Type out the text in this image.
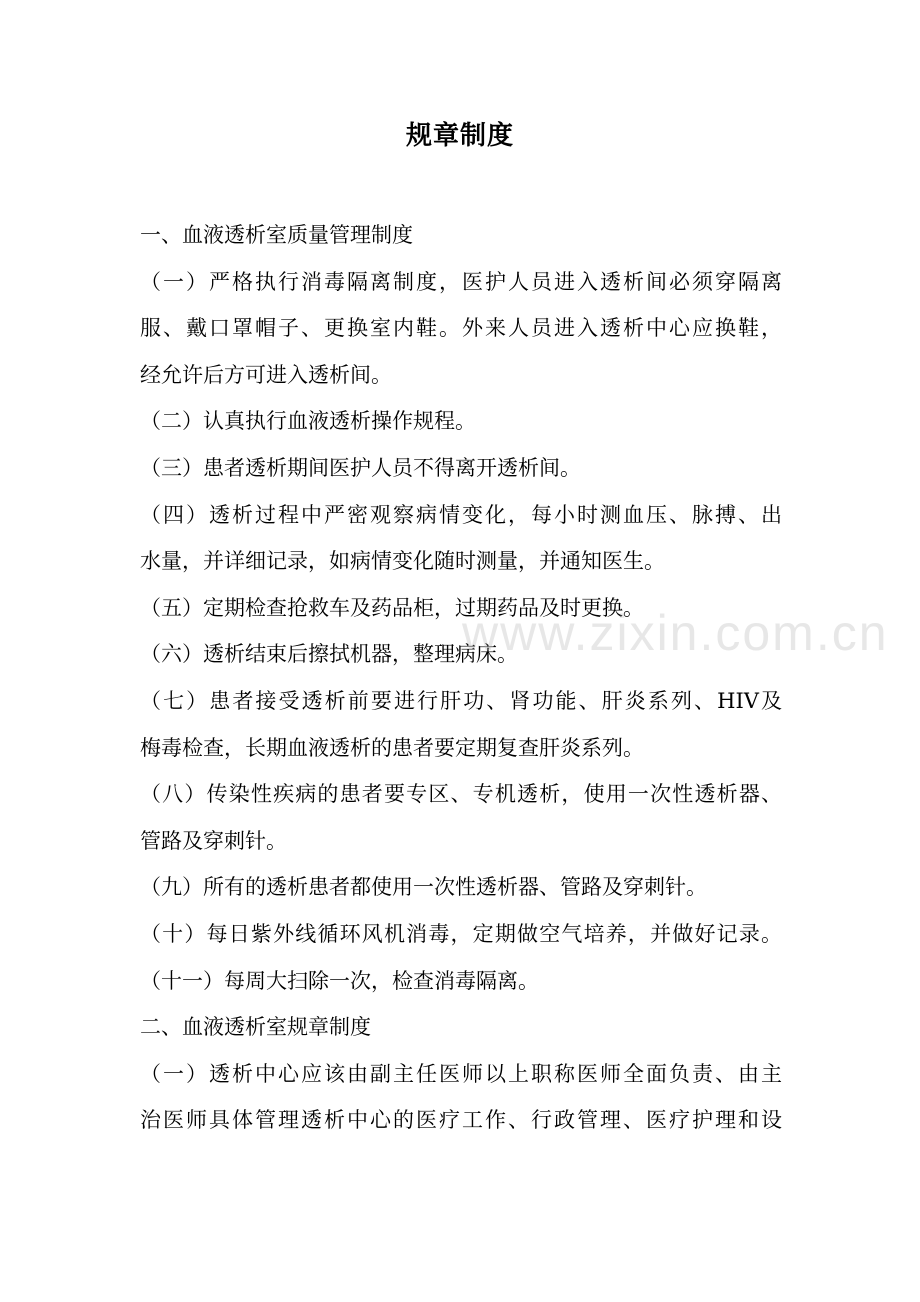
规章制度
一、血液透析室质量管理制度
（一）严格执行消毒隔离制度，医护人员进入透析间必须穿隔离
服、戴口罩帽子、更换室内鞋。外来人员进入透析中心应换鞋，
经允许后方可进入透析间。
（二）认真执行血液透析操作规程。
（三）患者透析期间医护人员不得离开透析间。
（四）透析过程中严密观察病情变化，每小时测血压、脉搏、出
水量，并详细记录，如病情变化随时测量，并通知医生。
（五）定期检查抢救车及药品柜，过期药品及时更换。
（六）透析结束后擦拭机器，整理病床。
（七）患者接受透析前要进行肝功、肾功能、肝炎系列、HIV及
梅毒检查，长期血液透析的患者要定期复查肝炎系列。
（八）传染性疾病的患者要专区、专机透析，使用一次性透析器、
管路及穿刺针。
（九）所有的透析患者都使用一次性透析器、管路及穿刺针。
（十）每日紫外线循环风机消毒，定期做空气培养，并做好记录。
（十一）每周大扫除一次，检查消毒隔离。
二、血液透析室规章制度
（一）透析中心应该由副主任医师以上职称医师全面负责、由主
治医师具体管理透析中心的医疗工作、行政管理、医疗护理和设
www.zixin.com.cn
